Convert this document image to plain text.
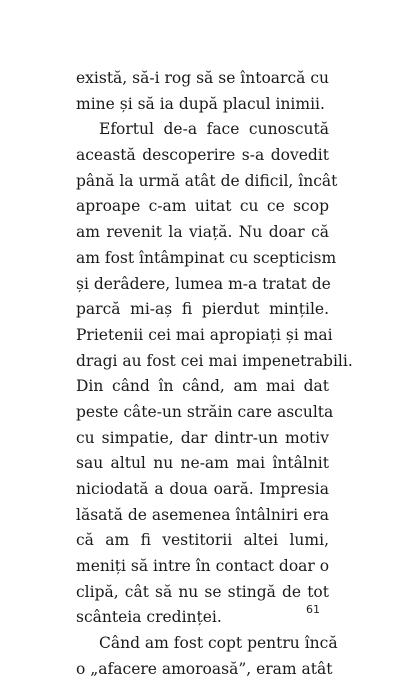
există, să-i rog să se întoarcă cu
mine și să ia după placul inimii.
Efortul de-a face cunoscută
această descoperire s-a dovedit
până la urmă atât de dificil, încât
aproape c-am uitat cu ce scop
am revenit la viață. Nu doar că
am fost întâmpinat cu scepticism
și derâdere, lumea m-a tratat de
parcă mi-aș fi pierdut mințile.
Prietenii cei mai apropiați și mai
dragi au fost cei mai impenetrabili.
Din când în când, am mai dat
peste câte-un străin care asculta
cu simpatie, dar dintr-un motiv
sau altul nu ne-am mai întâlnit
niciodată a doua oară. Impresia
lăsată de asemenea întâlniri era
că am fi vestitorii altei lumi,
meniți să intre în contact doar o
clipă, cât să nu se stingă de tot
scânteia credinței.
Când am fost copt pentru încă
o „afacere amoroasă”, eram atât
61
